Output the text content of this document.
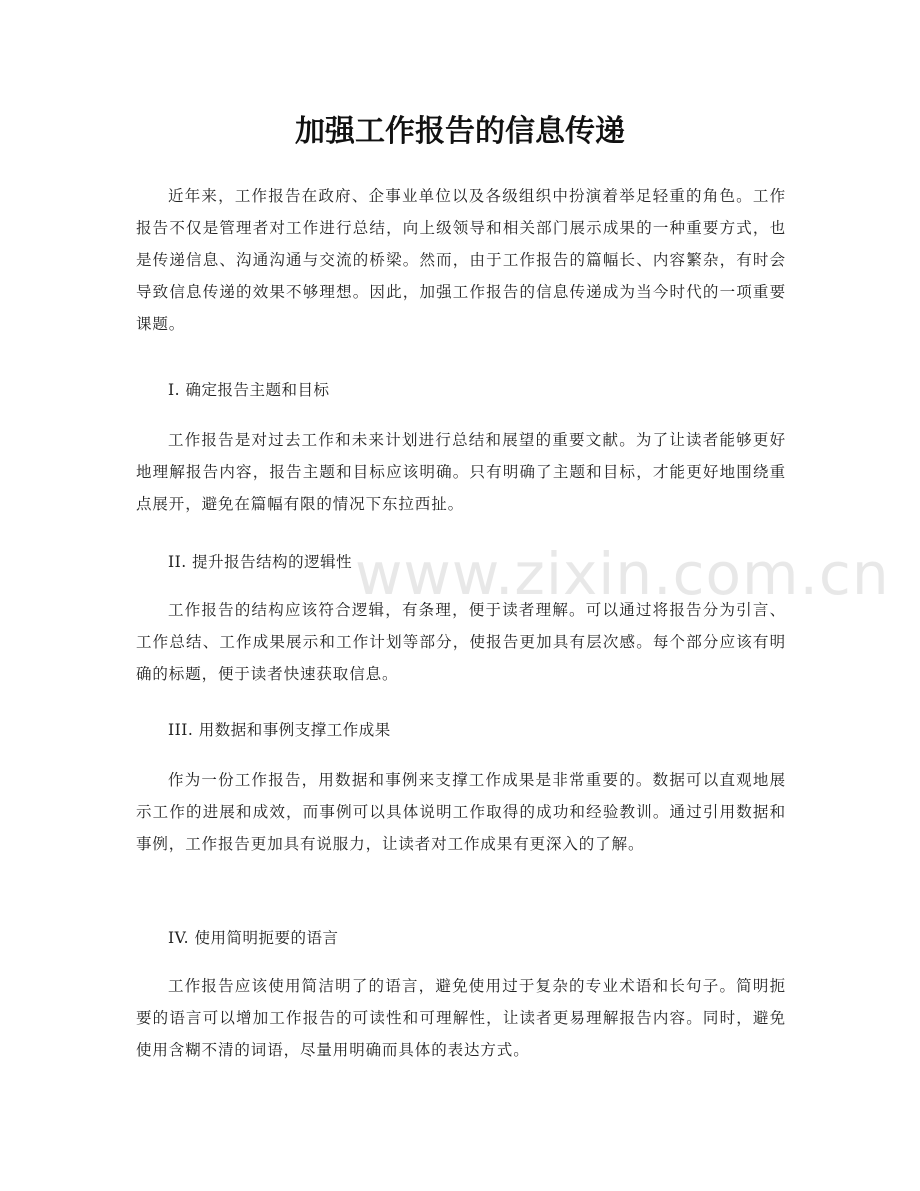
加强工作报告的信息传递
www.zixin.com.cn

近年来，工作报告在政府、企事业单位以及各级组织中扮演着举足轻重的角色。工作报告不仅是管理者对工作进行总结，向上级领导和相关部门展示成果的一种重要方式，也是传递信息、沟通沟通与交流的桥梁。然而，由于工作报告的篇幅长、内容繁杂，有时会导致信息传递的效果不够理想。因此，加强工作报告的信息传递成为当今时代的一项重要课题。

I. 确定报告主题和目标

工作报告是对过去工作和未来计划进行总结和展望的重要文献。为了让读者能够更好地理解报告内容，报告主题和目标应该明确。只有明确了主题和目标，才能更好地围绕重点展开，避免在篇幅有限的情况下东拉西扯。

II. 提升报告结构的逻辑性

工作报告的结构应该符合逻辑，有条理，便于读者理解。可以通过将报告分为引言、工作总结、工作成果展示和工作计划等部分，使报告更加具有层次感。每个部分应该有明确的标题，便于读者快速获取信息。

III. 用数据和事例支撑工作成果

作为一份工作报告，用数据和事例来支撑工作成果是非常重要的。数据可以直观地展示工作的进展和成效，而事例可以具体说明工作取得的成功和经验教训。通过引用数据和事例，工作报告更加具有说服力，让读者对工作成果有更深入的了解。

IV. 使用简明扼要的语言

工作报告应该使用简洁明了的语言，避免使用过于复杂的专业术语和长句子。简明扼要的语言可以增加工作报告的可读性和可理解性，让读者更易理解报告内容。同时，避免使用含糊不清的词语，尽量用明确而具体的表达方式。
